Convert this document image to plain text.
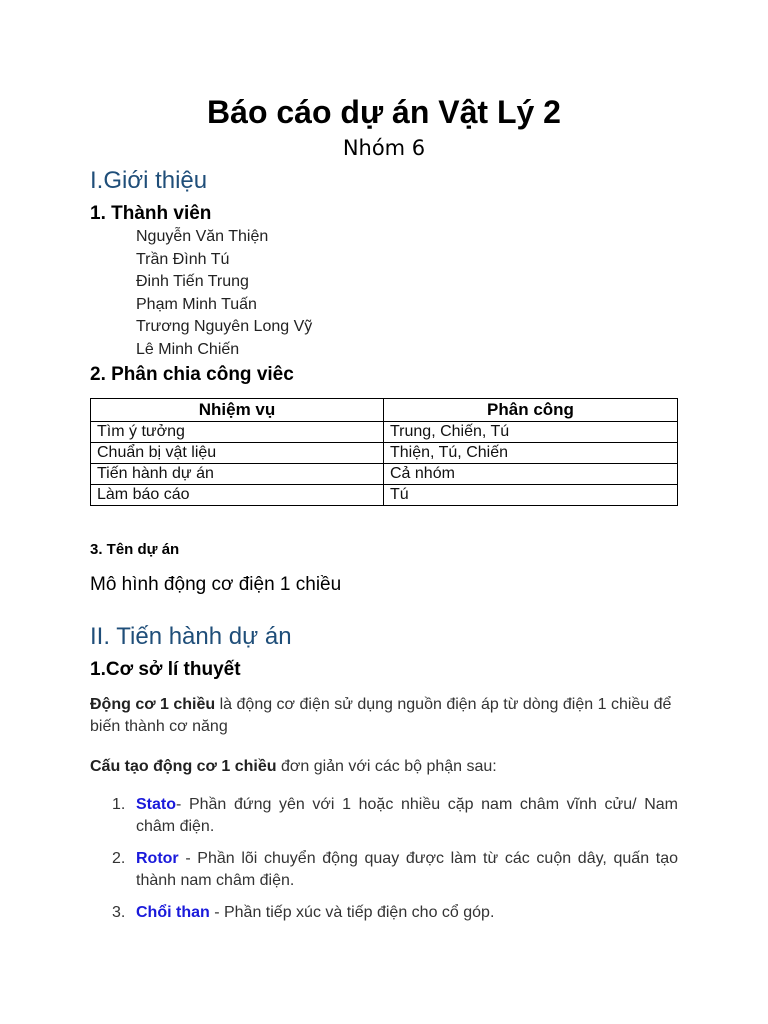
Báo cáo dự án Vật Lý 2
Nhóm 6
I.Giới thiệu
1. Thành viên
Nguyễn Văn Thiện
Trần Đình Tú
Đinh Tiến Trung
Phạm Minh Tuấn
Trương Nguyên Long Vỹ
Lê Minh Chiến
2. Phân chia công viêc
Nhiệm vụ	Phân công
Tìm ý tưởng	Trung, Chiến, Tú
Chuẩn bị vật liệu	Thiện, Tú, Chiến
Tiến hành dự án	Cả nhóm
Làm báo cáo	Tú
3. Tên dự án
Mô hình động cơ điện 1 chiều
II. Tiến hành dự án
1.Cơ sở lí thuyết

Động cơ 1 chiều là động cơ điện sử dụng nguồn điện áp từ dòng điện 1 chiều để biến thành cơ năng

Cấu tạo động cơ 1 chiều đơn giản với các bộ phận sau:

1. Stato- Phần đứng yên với 1 hoặc nhiều cặp nam châm vĩnh cửu/ Nam châm điện.
2. Rotor - Phần lõi chuyển động quay được làm từ các cuộn dây, quấn tạo thành nam châm điện.
3. Chổi than - Phần tiếp xúc và tiếp điện cho cổ góp.
